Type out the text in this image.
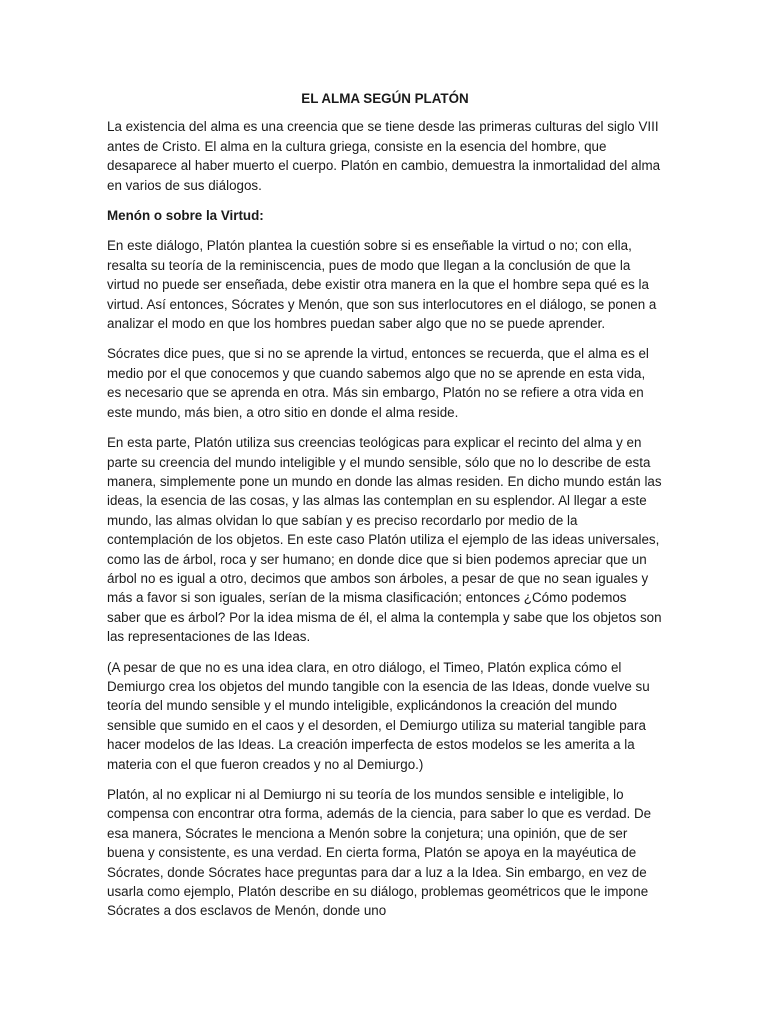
EL ALMA SEGÚN PLATÓN

La existencia del alma es una creencia que se tiene desde las primeras culturas del siglo VIII antes de Cristo. El alma en la cultura griega, consiste en la esencia del hombre, que desaparece al haber muerto el cuerpo. Platón en cambio, demuestra la inmortalidad del alma en varios de sus diálogos.

Menón o sobre la Virtud:

En este diálogo, Platón plantea la cuestión sobre si es enseñable la virtud o no; con ella, resalta su teoría de la reminiscencia, pues de modo que llegan a la conclusión de que la virtud no puede ser enseñada, debe existir otra manera en la que el hombre sepa qué es la virtud. Así entonces, Sócrates y Menón, que son sus interlocutores en el diálogo, se ponen a analizar el modo en que los hombres puedan saber algo que no se puede aprender.

Sócrates dice pues, que si no se aprende la virtud, entonces se recuerda, que el alma es el medio por el que conocemos y que cuando sabemos algo que no se aprende en esta vida, es necesario que se aprenda en otra. Más sin embargo, Platón no se refiere a otra vida en este mundo, más bien, a otro sitio en donde el alma reside.

En esta parte, Platón utiliza sus creencias teológicas para explicar el recinto del alma y en parte su creencia del mundo inteligible y el mundo sensible, sólo que no lo describe de esta manera, simplemente pone un mundo en donde las almas residen. En dicho mundo están las ideas, la esencia de las cosas, y las almas las contemplan en su esplendor. Al llegar a este mundo, las almas olvidan lo que sabían y es preciso recordarlo por medio de la contemplación de los objetos. En este caso Platón utiliza el ejemplo de las ideas universales, como las de árbol, roca y ser humano; en donde dice que si bien podemos apreciar que un árbol no es igual a otro, decimos que ambos son árboles, a pesar de que no sean iguales y más a favor si son iguales, serían de la misma clasificación; entonces ¿Cómo podemos saber que es árbol? Por la idea misma de él, el alma la contempla y sabe que los objetos son las representaciones de las Ideas.

(A pesar de que no es una idea clara, en otro diálogo, el Timeo, Platón explica cómo el Demiurgo crea los objetos del mundo tangible con la esencia de las Ideas, donde vuelve su teoría del mundo sensible y el mundo inteligible, explicándonos la creación del mundo sensible que sumido en el caos y el desorden, el Demiurgo utiliza su material tangible para hacer modelos de las Ideas. La creación imperfecta de estos modelos se les amerita a la materia con el que fueron creados y no al Demiurgo.)

Platón, al no explicar ni al Demiurgo ni su teoría de los mundos sensible e inteligible, lo compensa con encontrar otra forma, además de la ciencia, para saber lo que es verdad. De esa manera, Sócrates le menciona a Menón sobre la conjetura; una opinión, que de ser buena y consistente, es una verdad. En cierta forma, Platón se apoya en la mayéutica de Sócrates, donde Sócrates hace preguntas para dar a luz a la Idea. Sin embargo, en vez de usarla como ejemplo, Platón describe en su diálogo, problemas geométricos que le impone Sócrates a dos esclavos de Menón, donde uno
